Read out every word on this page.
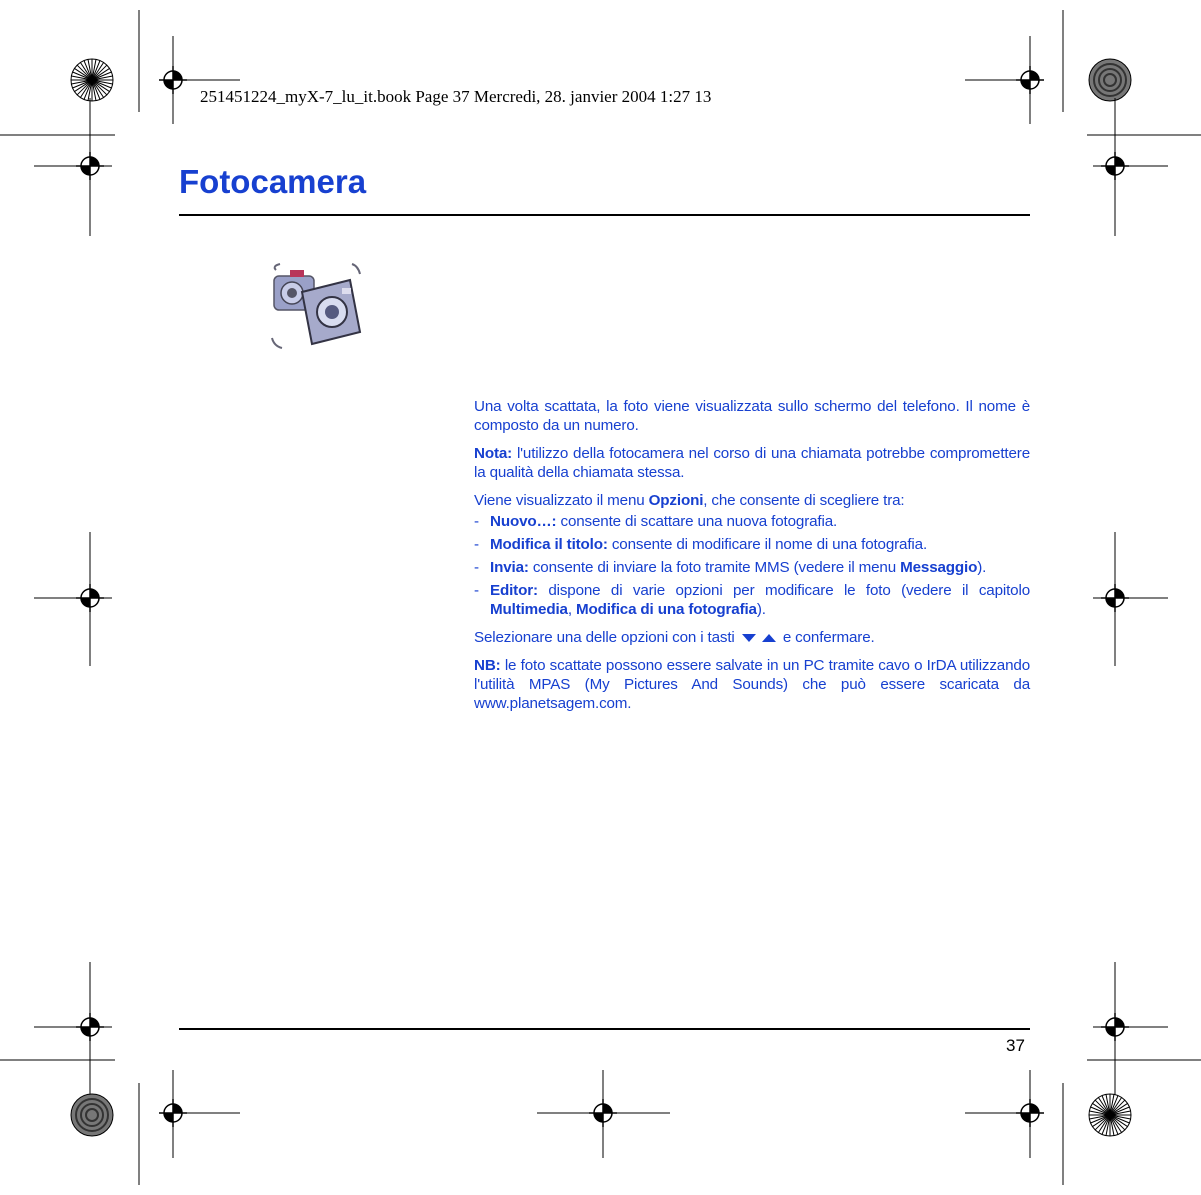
251451224_myX-7_lu_it.book Page 37 Mercredi, 28. janvier 2004 1:27 13
Fotocamera

Una volta scattata, la foto viene visualizzata sullo schermo del telefono. Il nome è composto da un numero.

Nota: l'utilizzo della fotocamera nel corso di una chiamata potrebbe compromettere la qualità della chiamata stessa.

Viene visualizzato il menu Opzioni, che consente di scegliere tra:

- Nuovo…: consente di scattare una nuova fotografia.
- Modifica il titolo: consente di modificare il nome di una fotografia.
- Invia: consente di inviare la foto tramite MMS (vedere il menu Messaggio).
- Editor: dispone di varie opzioni per modificare le foto (vedere il capitolo Multimedia, Modifica di una fotografia).

Selezionare una delle opzioni con i tasti	e confermare.

NB: le foto scattate possono essere salvate in un PC tramite cavo o IrDA utilizzando l'utilità MPAS (My Pictures And Sounds) che può essere scaricata da www.planetsagem.com.

37
